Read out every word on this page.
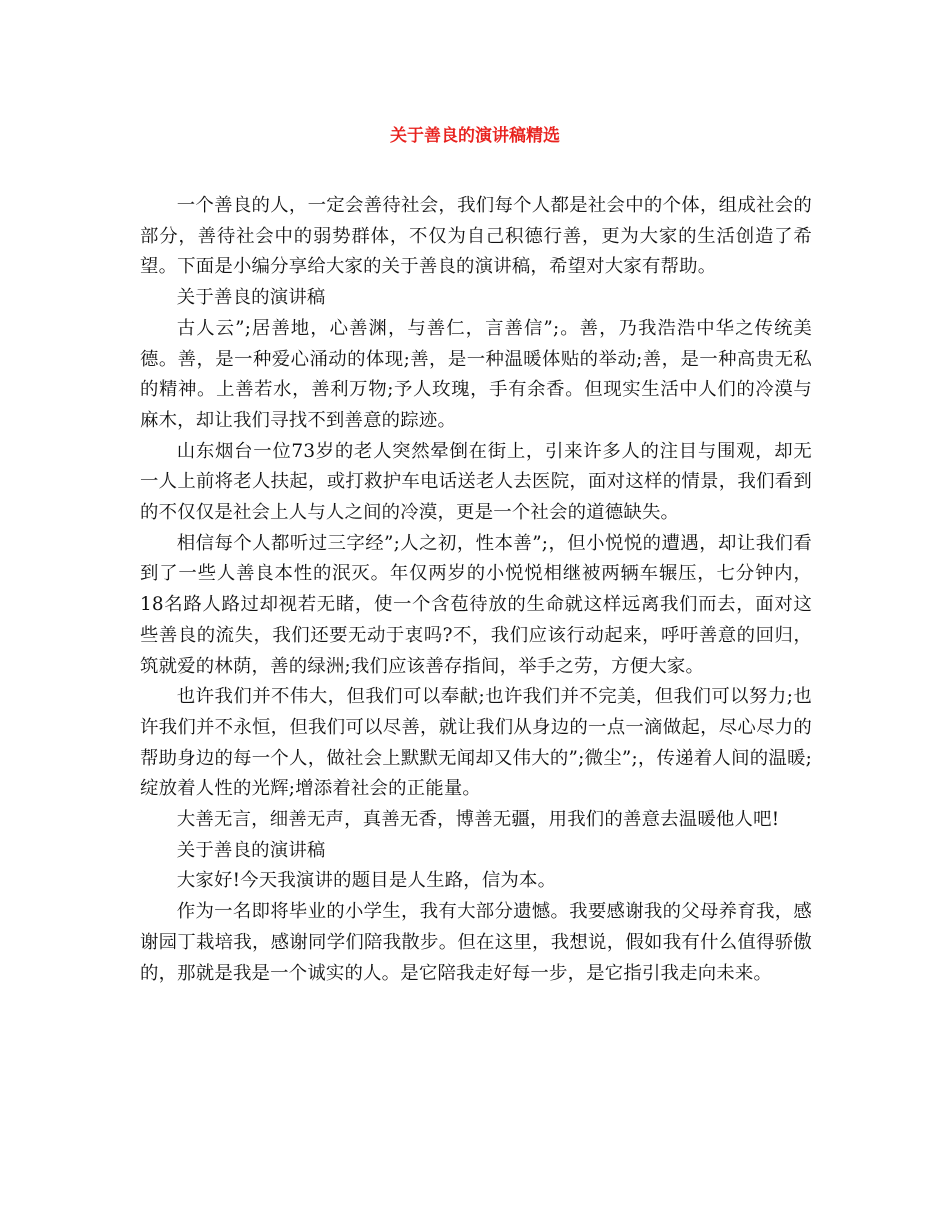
关于善良的演讲稿精选

一个善良的人，一定会善待社会，我们每个人都是社会中的个体，组成社会的部分，善待社会中的弱势群体，不仅为自己积德行善，更为大家的生活创造了希望。下面是小编分享给大家的关于善良的演讲稿，希望对大家有帮助。

关于善良的演讲稿

古人云”;居善地，心善渊，与善仁，言善信”;。善，乃我浩浩中华之传统美德。善，是一种爱心涌动的体现;善，是一种温暖体贴的举动;善，是一种高贵无私的精神。上善若水，善利万物;予人玫瑰，手有余香。但现实生活中人们的冷漠与麻木，却让我们寻找不到善意的踪迹。

山东烟台一位73岁的老人突然晕倒在街上，引来许多人的注目与围观，却无一人上前将老人扶起，或打救护车电话送老人去医院，面对这样的情景，我们看到的不仅仅是社会上人与人之间的冷漠，更是一个社会的道德缺失。

相信每个人都听过三字经”;人之初，性本善”;，但小悦悦的遭遇，却让我们看到了一些人善良本性的泯灭。年仅两岁的小悦悦相继被两辆车辗压，七分钟内，18名路人路过却视若无睹，使一个含苞待放的生命就这样远离我们而去，面对这些善良的流失，我们还要无动于衷吗?不，我们应该行动起来，呼吁善意的回归，筑就爱的林荫，善的绿洲;我们应该善存指间，举手之劳，方便大家。

也许我们并不伟大，但我们可以奉献;也许我们并不完美，但我们可以努力;也许我们并不永恒，但我们可以尽善，就让我们从身边的一点一滴做起，尽心尽力的帮助身边的每一个人，做社会上默默无闻却又伟大的”;微尘”;，传递着人间的温暖;绽放着人性的光辉;增添着社会的正能量。

大善无言，细善无声，真善无香，博善无疆，用我们的善意去温暖他人吧!

关于善良的演讲稿

大家好!今天我演讲的题目是人生路，信为本。

作为一名即将毕业的小学生，我有大部分遗憾。我要感谢我的父母养育我，感谢园丁栽培我，感谢同学们陪我散步。但在这里，我想说，假如我有什么值得骄傲的，那就是我是一个诚实的人。是它陪我走好每一步，是它指引我走向未来。
